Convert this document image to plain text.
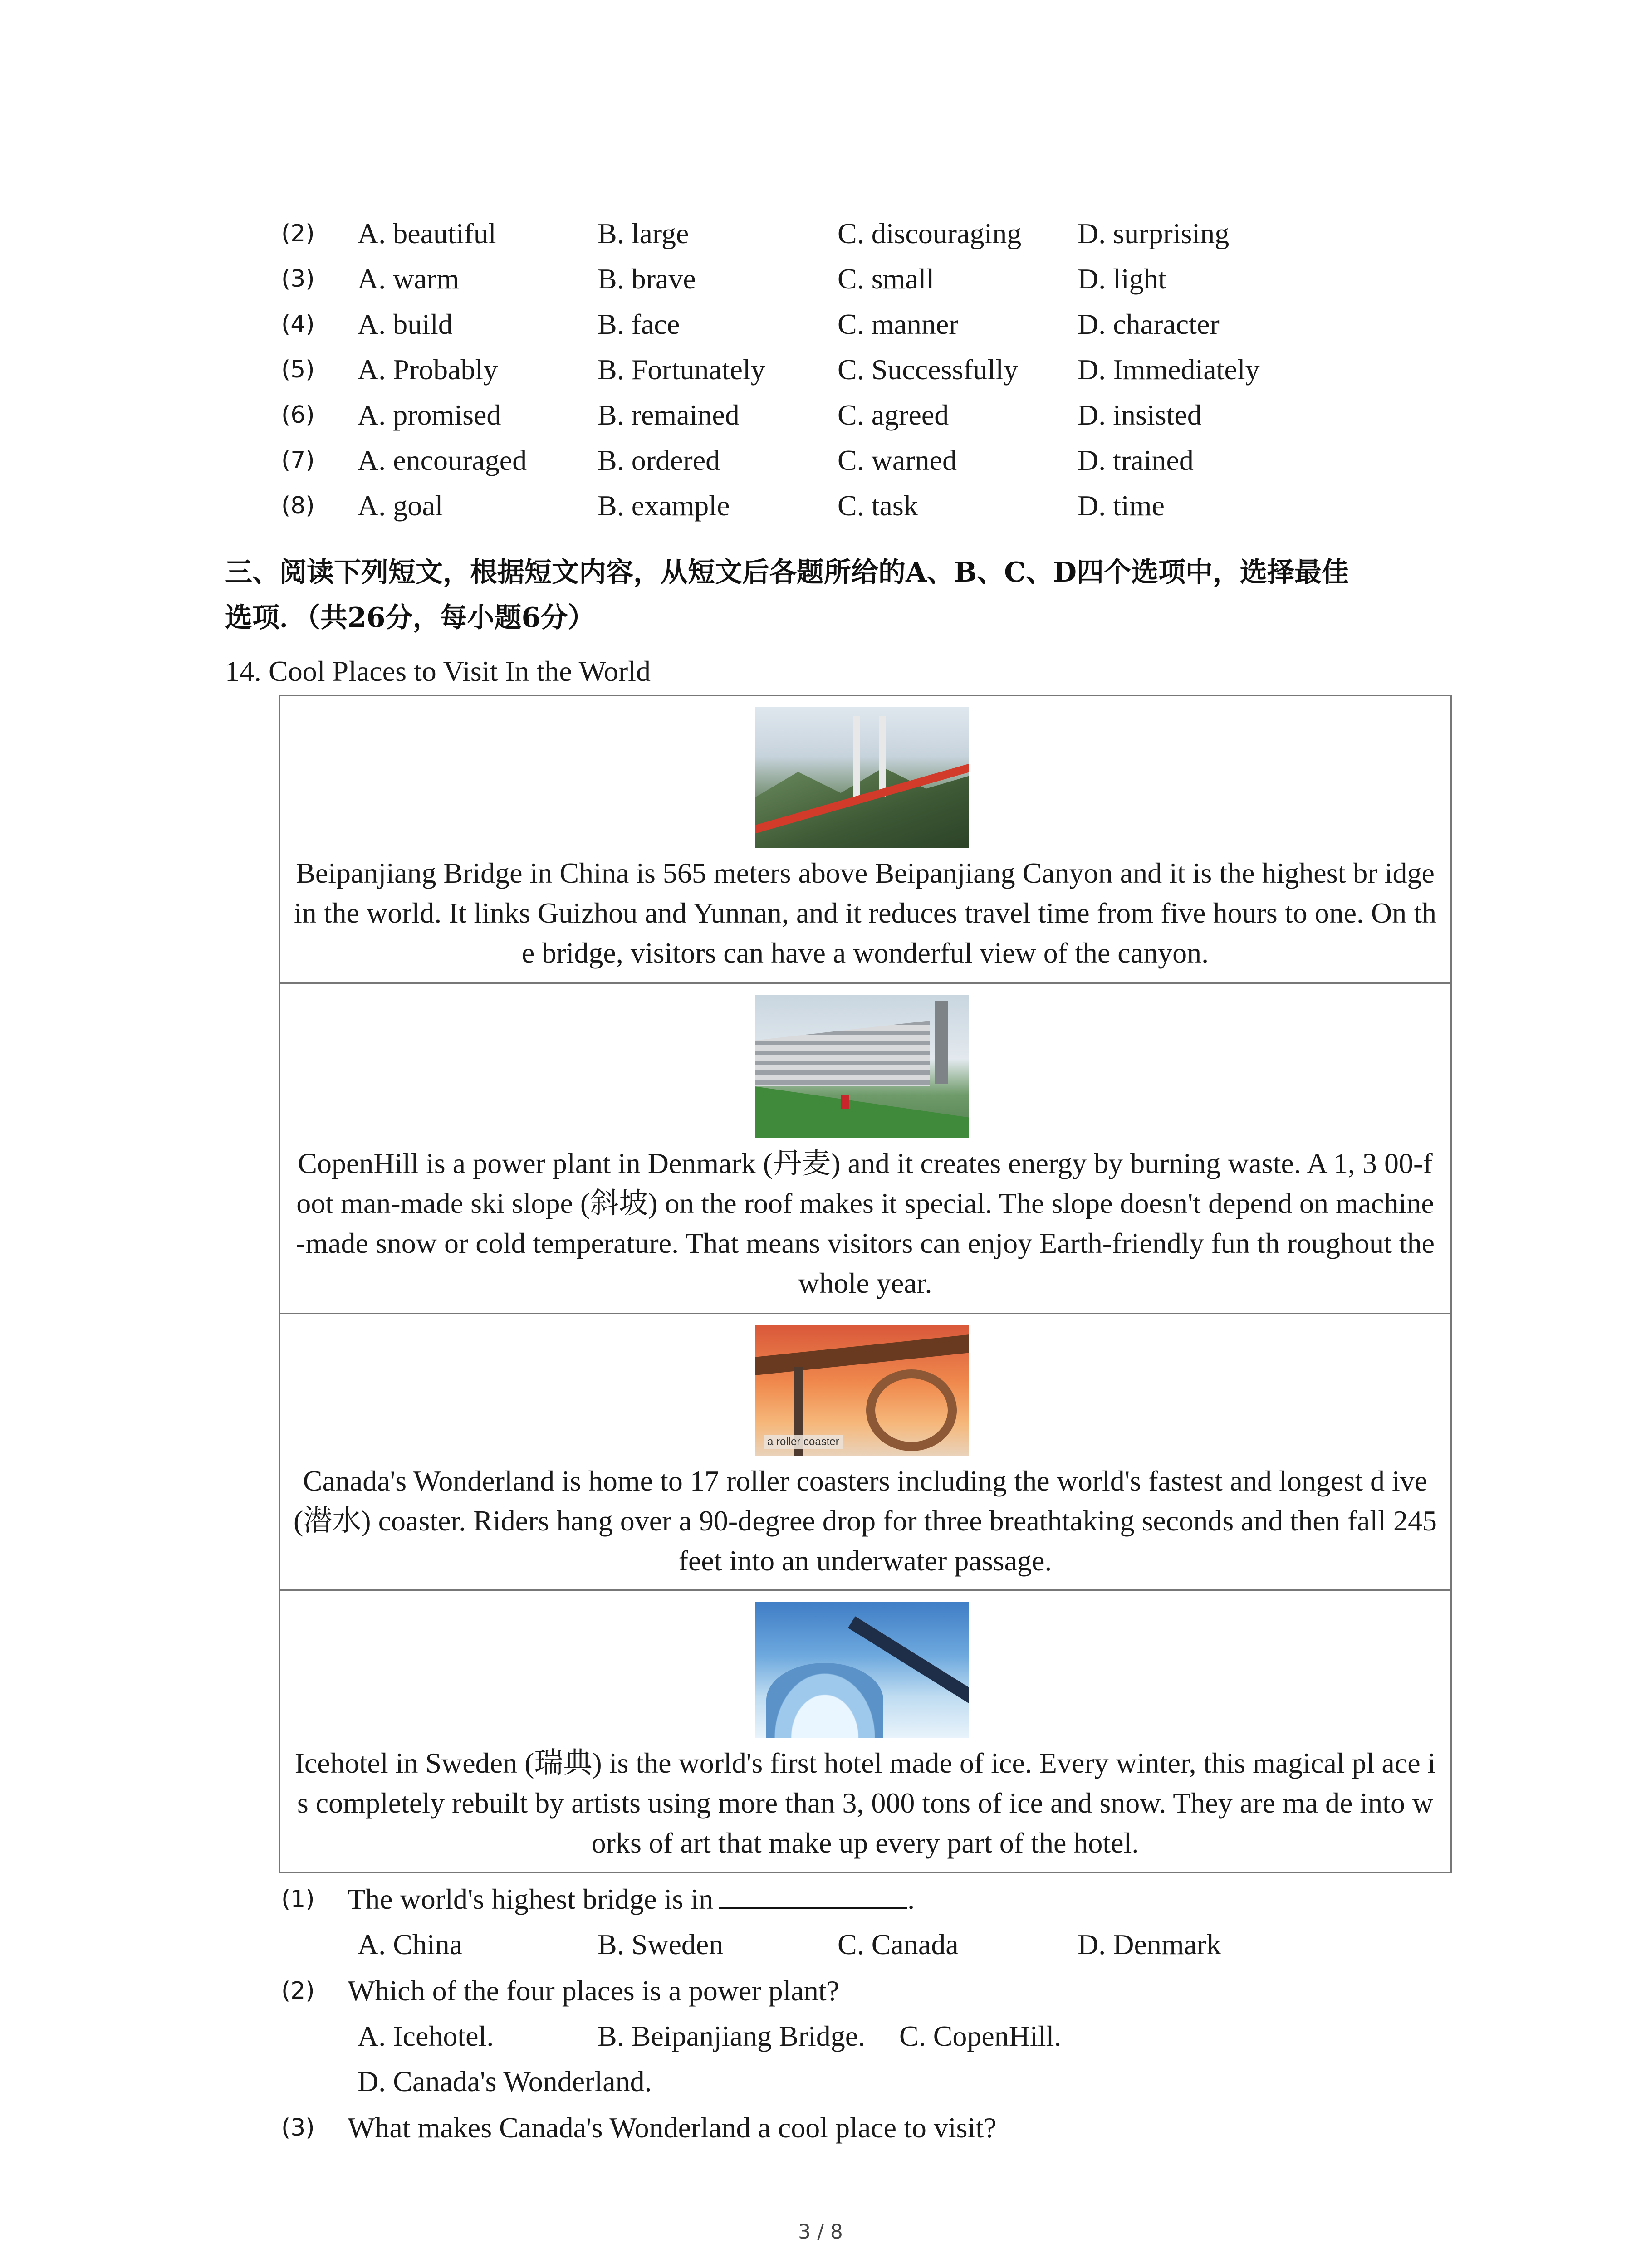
(2) A. beautiful	B. large	C. discouraging D. surprising
(3) A. warm	B. brave	C. small	D. light
(4) A. build	B. face	C. manner	D. character
(5) A. Probably	B. Fortunately C. Successfully D. Immediately
(6) A. promised	B. remained	C. agreed	D. insisted
(7) A. encouraged B. ordered	C. warned	D. trained
(8) A. goal	B. example	C. task	D. time
三、阅读下列短文，根据短文内容，从短文后各题所给的A、B、C、D四个选项中，选择最佳
选项．（共26分，每小题6分）
14. Cool Places to Visit In the World
Beipanjiang Bridge in China is 565 meters above Beipanjiang Canyon and it is the highest br idge in the world. It links Guizhou and Yunnan, and it reduces travel time from five hours to one. On the bridge, visitors can have a wonderful view of the canyon.
CopenHill is a power plant in Denmark (丹麦) and it creates energy by burning waste. A 1, 3 00-foot man-made ski slope (斜坡) on the roof makes it special. The slope doesn't depend on machine-made snow or cold temperature. That means visitors can enjoy Earth-friendly fun th roughout the whole year.
a roller coaster
Canada's Wonderland is home to 17 roller coasters including the world's fastest and longest d ive (潜水) coaster. Riders hang over a 90-degree drop for three breathtaking seconds and then fall 245 feet into an underwater passage.
Icehotel in Sweden (瑞典) is the world's first hotel made of ice. Every winter, this magical pl ace is completely rebuilt by artists using more than 3, 000 tons of ice and snow. They are ma de into works of art that make up every part of the hotel.
(1) The world's highest bridge is in	.
A. China	B. Sweden	C. Canada	D. Denmark
(2) Which of the four places is a power plant?
A. Icehotel.	B. Beipanjiang Bridge. C. CopenHill.
D. Canada's Wonderland.
(3) What makes Canada's Wonderland a cool place to visit?
3 / 8
